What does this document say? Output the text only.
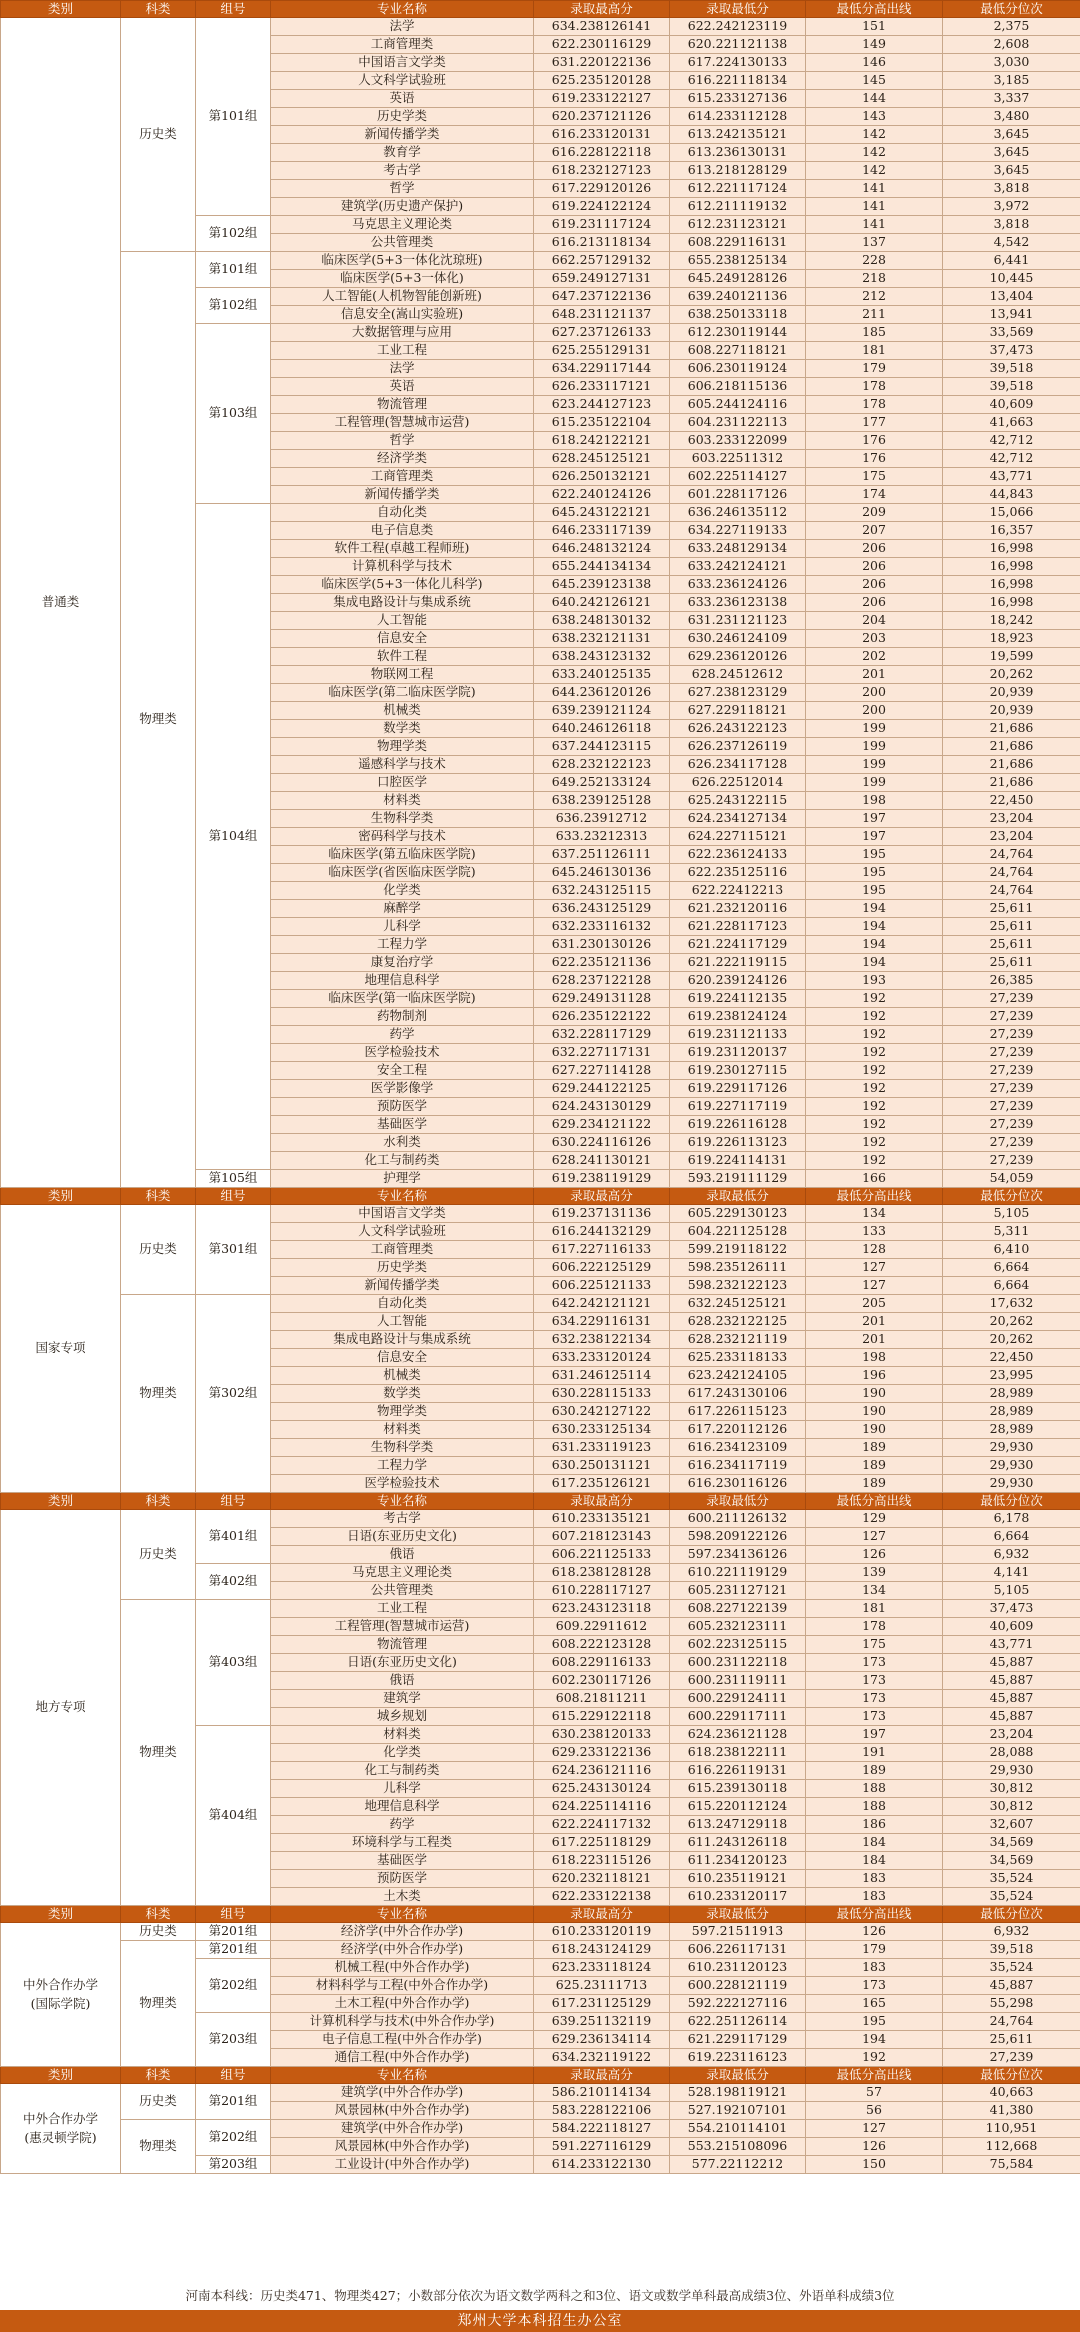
类别	科类	组号	专业名称	录取最高分	录取最低分	最低分高出线	最低分位次
普通类	历史类	第101组	法学	634.238126141	622.242123119	151	2,375
			工商管理类	622.230116129	620.221121138	149	2,608
			中国语言文学类	631.220122136	617.224130133	146	3,030
			人文科学试验班	625.235120128	616.221118134	145	3,185
			英语	619.233122127	615.233127136	144	3,337
			历史学类	620.237121126	614.233112128	143	3,480
			新闻传播学类	616.233120131	613.242135121	142	3,645
			教育学	616.228122118	613.236130131	142	3,645
			考古学	618.232127123	613.218128129	142	3,645
			哲学	617.229120126	612.221117124	141	3,818
			建筑学(历史遗产保护)	619.224122124	612.211119132	141	3,972
		第102组	马克思主义理论类	619.231117124	612.231123121	141	3,818
			公共管理类	616.213118134	608.229116131	137	4,542
	物理类	第101组	临床医学(5+3一体化沈琼班)	662.257129132	655.238125134	228	6,441
			临床医学(5+3一体化)	659.249127131	645.249128126	218	10,445
		第102组	人工智能(人机物智能创新班)	647.237122136	639.240121136	212	13,404
			信息安全(嵩山实验班)	648.231121137	638.250133118	211	13,941
		第103组	大数据管理与应用	627.237126133	612.230119144	185	33,569
			工业工程	625.255129131	608.227118121	181	37,473
			法学	634.229117144	606.230119124	179	39,518
			英语	626.233117121	606.218115136	178	39,518
			物流管理	623.244127123	605.244124116	178	40,609
			工程管理(智慧城市运营)	615.235122104	604.231122113	177	41,663
			哲学	618.242122121	603.233122099	176	42,712
			经济学类	628.245125121	603.22511312	176	42,712
			工商管理类	626.250132121	602.225114127	175	43,771
			新闻传播学类	622.240124126	601.228117126	174	44,843
		第104组	自动化类	645.243122121	636.246135112	209	15,066
			电子信息类	646.233117139	634.227119133	207	16,357
			软件工程(卓越工程师班)	646.248132124	633.248129134	206	16,998
			计算机科学与技术	655.244134134	633.242124121	206	16,998
			临床医学(5+3一体化儿科学)	645.239123138	633.236124126	206	16,998
			集成电路设计与集成系统	640.242126121	633.236123138	206	16,998
			人工智能	638.248130132	631.231121123	204	18,242
			信息安全	638.232121131	630.246124109	203	18,923
			软件工程	638.243123132	629.236120126	202	19,599
			物联网工程	633.240125135	628.24512612	201	20,262
			临床医学(第二临床医学院)	644.236120126	627.238123129	200	20,939
			机械类	639.239121124	627.229118121	200	20,939
			数学类	640.246126118	626.243122123	199	21,686
			物理学类	637.244123115	626.237126119	199	21,686
			遥感科学与技术	628.232122123	626.234117128	199	21,686
			口腔医学	649.252133124	626.22512014	199	21,686
			材料类	638.239125128	625.243122115	198	22,450
			生物科学类	636.23912712	624.234127134	197	23,204
			密码科学与技术	633.23212313	624.227115121	197	23,204
			临床医学(第五临床医学院)	637.251126111	622.236124133	195	24,764
			临床医学(省医临床医学院)	645.246130136	622.235125116	195	24,764
			化学类	632.243125115	622.22412213	195	24,764
			麻醉学	636.243125129	621.232120116	194	25,611
			儿科学	632.233116132	621.228117123	194	25,611
			工程力学	631.230130126	621.224117129	194	25,611
			康复治疗学	622.235121136	621.222119115	194	25,611
			地理信息科学	628.237122128	620.239124126	193	26,385
			临床医学(第一临床医学院)	629.249131128	619.224112135	192	27,239
			药物制剂	626.235122122	619.238124124	192	27,239
			药学	632.228117129	619.231121133	192	27,239
			医学检验技术	632.227117131	619.231120137	192	27,239
			安全工程	627.227114128	619.230127115	192	27,239
			医学影像学	629.244122125	619.229117126	192	27,239
			预防医学	624.243130129	619.227117119	192	27,239
			基础医学	629.234121122	619.226116128	192	27,239
			水利类	630.224116126	619.226113123	192	27,239
			化工与制药类	628.241130121	619.224114131	192	27,239
		第105组	护理学	619.238119129	593.219111129	166	54,059
类别	科类	组号	专业名称	录取最高分	录取最低分	最低分高出线	最低分位次
国家专项	历史类	第301组	中国语言文学类	619.237131136	605.229130123	134	5,105
			人文科学试验班	616.244132129	604.221125128	133	5,311
			工商管理类	617.227116133	599.219118122	128	6,410
			历史学类	606.222125129	598.235126111	127	6,664
			新闻传播学类	606.225121133	598.232122123	127	6,664
	物理类	第302组	自动化类	642.242121121	632.245125121	205	17,632
			人工智能	634.229116131	628.232122125	201	20,262
			集成电路设计与集成系统	632.238122134	628.232121119	201	20,262
			信息安全	633.233120124	625.233118133	198	22,450
			机械类	631.246125114	623.242124105	196	23,995
			数学类	630.228115133	617.243130106	190	28,989
			物理学类	630.242127122	617.226115123	190	28,989
			材料类	630.233125134	617.220112126	190	28,989
			生物科学类	631.233119123	616.234123109	189	29,930
			工程力学	630.250131121	616.234117119	189	29,930
			医学检验技术	617.235126121	616.230116126	189	29,930
类别	科类	组号	专业名称	录取最高分	录取最低分	最低分高出线	最低分位次
地方专项	历史类	第401组	考古学	610.233135121	600.211126132	129	6,178
			日语(东亚历史文化)	607.218123143	598.209122126	127	6,664
			俄语	606.221125133	597.234136126	126	6,932
		第402组	马克思主义理论类	618.238128128	610.221119129	139	4,141
			公共管理类	610.228117127	605.231127121	134	5,105
	物理类	第403组	工业工程	623.243123118	608.227122139	181	37,473
			工程管理(智慧城市运营)	609.22911612	605.232123111	178	40,609
			物流管理	608.222123128	602.223125115	175	43,771
			日语(东亚历史文化)	608.229116133	600.231122118	173	45,887
			俄语	602.230117126	600.231119111	173	45,887
			建筑学	608.21811211	600.229124111	173	45,887
			城乡规划	615.229122118	600.229117111	173	45,887
		第404组	材料类	630.238120133	624.236121128	197	23,204
			化学类	629.233122136	618.238122111	191	28,088
			化工与制药类	624.236121116	616.226119131	189	29,930
			儿科学	625.243130124	615.239130118	188	30,812
			地理信息科学	624.225114116	615.220112124	188	30,812
			药学	622.224117132	613.247129118	186	32,607
			环境科学与工程类	617.225118129	611.243126118	184	34,569
			基础医学	618.223115126	611.234120123	184	34,569
			预防医学	620.232118121	610.235119121	183	35,524
			土木类	622.233122138	610.233120117	183	35,524
类别	科类	组号	专业名称	录取最高分	录取最低分	最低分高出线	最低分位次
中外合作办学
(国际学院)	历史类	第201组	经济学(中外合作办学)	610.233120119	597.21511913	126	6,932
	物理类	第201组	经济学(中外合作办学)	618.243124129	606.226117131	179	39,518
		第202组	机械工程(中外合作办学)	623.233118124	610.231120123	183	35,524
			材料科学与工程(中外合作办学)	625.23111713	600.228121119	173	45,887
			土木工程(中外合作办学)	617.231125129	592.222127116	165	55,298
		第203组	计算机科学与技术(中外合作办学)	639.251132119	622.251126114	195	24,764
			电子信息工程(中外合作办学)	629.236134114	621.229117129	194	25,611
			通信工程(中外合作办学)	634.232119122	619.223116123	192	27,239
类别	科类	组号	专业名称	录取最高分	录取最低分	最低分高出线	最低分位次
中外合作办学
(惠灵顿学院)	历史类	第201组	建筑学(中外合作办学)	586.210114134	528.198119121	57	40,663
			风景园林(中外合作办学)	583.228122106	527.192107101	56	41,380
	物理类	第202组	建筑学(中外合作办学)	584.222118127	554.210114101	127	110,951
			风景园林(中外合作办学)	591.227116129	553.215108096	126	112,668
		第203组	工业设计(中外合作办学)	614.233122130	577.22112212	150	75,584
河南本科线：历史类471、物理类427；小数部分依次为语文数学两科之和3位、语文或数学单科最高成绩3位、外语单科成绩3位
郑州大学本科招生办公室
